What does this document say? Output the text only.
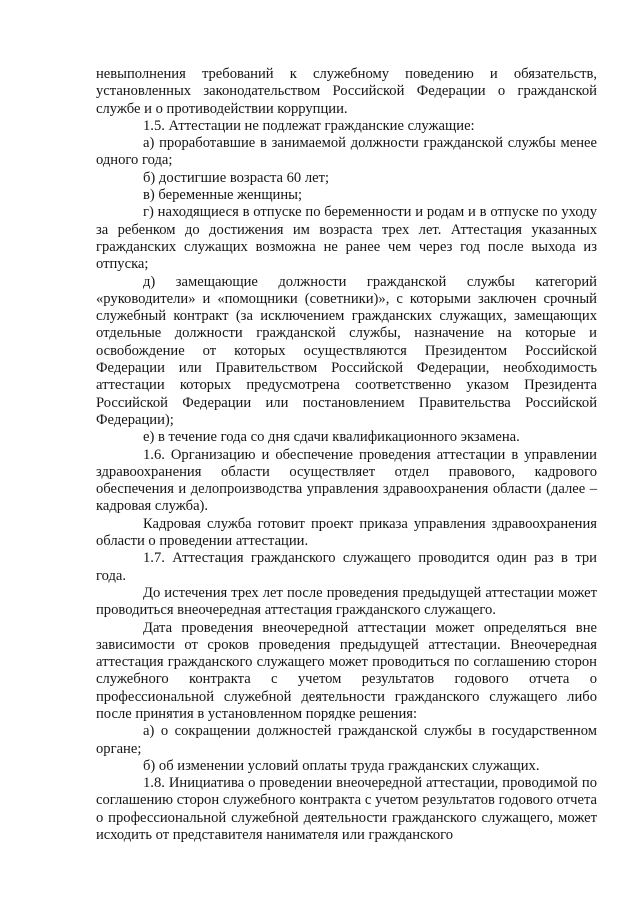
невыполнения требований к служебному поведению и обязательств, установленных законодательством Российской Федерации о гражданской службе и о противодействии коррупции.

1.5. Аттестации не подлежат гражданские служащие:

а) проработавшие в занимаемой должности гражданской службы менее одного года;

б) достигшие возраста 60 лет;

в) беременные женщины;

г) находящиеся в отпуске по беременности и родам и в отпуске по уходу за ребенком до достижения им возраста трех лет. Аттестация указанных гражданских служащих возможна не ранее чем через год после выхода из отпуска;

д) замещающие должности гражданской службы категорий «руководители» и «помощники (советники)», с которыми заключен срочный служебный контракт (за исключением гражданских служащих, замещающих отдельные должности гражданской службы, назначение на которые и освобождение от которых осуществляются Президентом Российской Федерации или Правительством Российской Федерации, необходимость аттестации которых предусмотрена соответственно указом Президента Российской Федерации или постановлением Правительства Российской Федерации);

е) в течение года со дня сдачи квалификационного экзамена.

1.6. Организацию и обеспечение проведения аттестации в управлении здравоохранения области осуществляет отдел правового, кадрового обеспечения и делопроизводства управления здравоохранения области (далее – кадровая служба).

Кадровая служба готовит проект приказа управления здравоохранения области о проведении аттестации.

1.7. Аттестация гражданского служащего проводится один раз в три года.

До истечения трех лет после проведения предыдущей аттестации может проводиться внеочередная аттестация гражданского служащего.

Дата проведения внеочередной аттестации может определяться вне зависимости от сроков проведения предыдущей аттестации. Внеочередная аттестация гражданского служащего может проводиться по соглашению сторон служебного контракта с учетом результатов годового отчета о профессиональной служебной деятельности гражданского служащего либо после принятия в установленном порядке решения:

а) о сокращении должностей гражданской службы в государственном органе;

б) об изменении условий оплаты труда гражданских служащих.

1.8. Инициатива о проведении внеочередной аттестации, проводимой по соглашению сторон служебного контракта с учетом результатов годового отчета о профессиональной служебной деятельности гражданского служащего, может исходить от представителя нанимателя или гражданского
